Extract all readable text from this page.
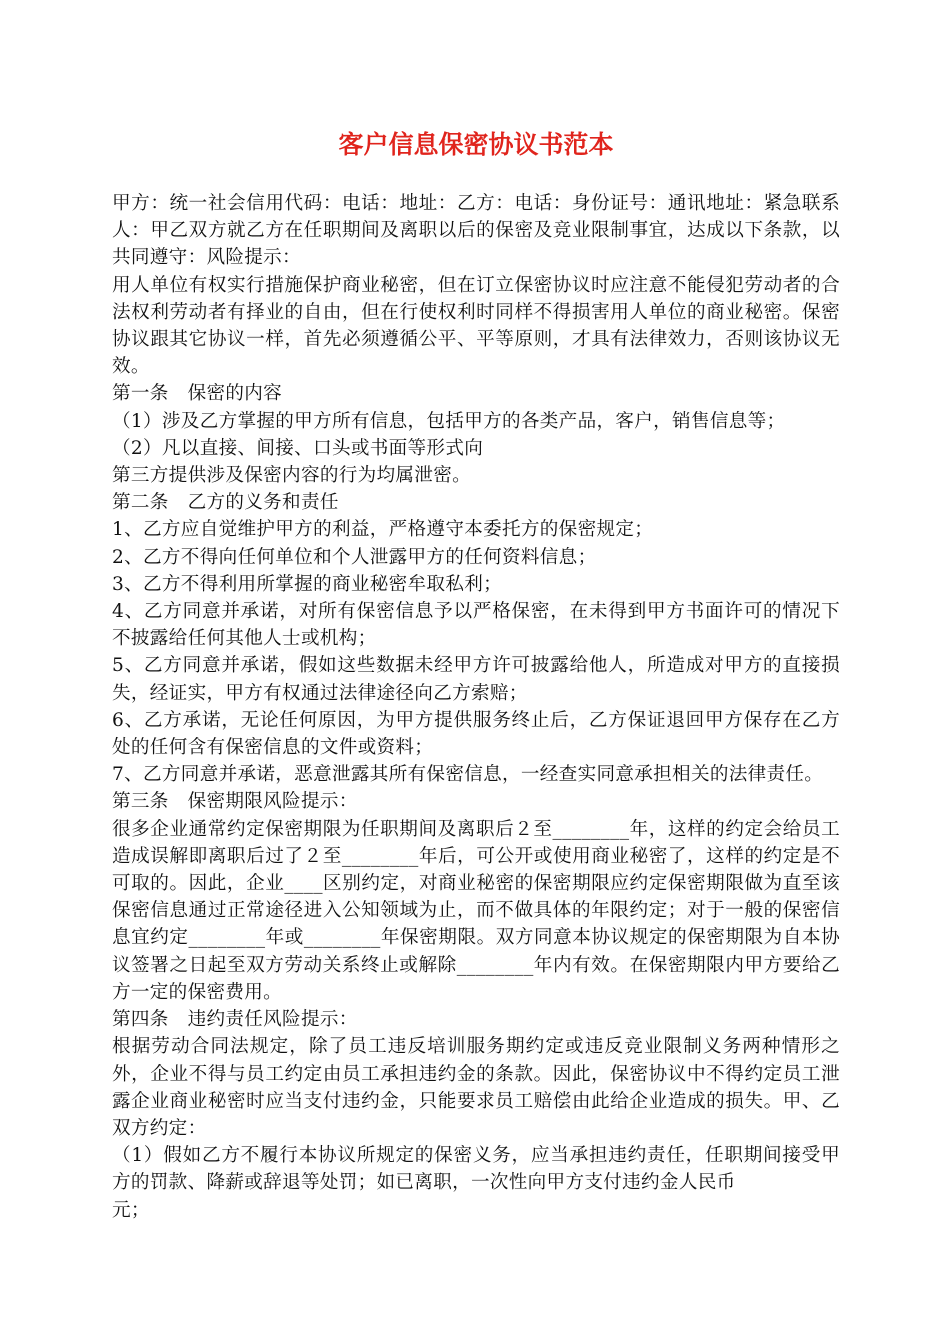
客户信息保密协议书范本

甲方：统一社会信用代码：电话：地址：乙方：电话：身份证号：通讯地址：紧急联系人：甲乙双方就乙方在任职期间及离职以后的保密及竞业限制事宜，达成以下条款，以共同遵守：风险提示：

用人单位有权实行措施保护商业秘密，但在订立保密协议时应注意不能侵犯劳动者的合法权利劳动者有择业的自由，但在行使权利时同样不得损害用人单位的商业秘密。保密协议跟其它协议一样，首先必须遵循公平、平等原则，才具有法律效力，否则该协议无效。

第一条　保密的内容

（1）涉及乙方掌握的甲方所有信息，包括甲方的各类产品，客户，销售信息等；

（2）凡以直接、间接、口头或书面等形式向

第三方提供涉及保密内容的行为均属泄密。

第二条　乙方的义务和责任

1、乙方应自觉维护甲方的利益，严格遵守本委托方的保密规定；

2、乙方不得向任何单位和个人泄露甲方的任何资料信息；

3、乙方不得利用所掌握的商业秘密牟取私利；

4、乙方同意并承诺，对所有保密信息予以严格保密，在未得到甲方书面许可的情况下不披露给任何其他人士或机构；

5、乙方同意并承诺，假如这些数据未经甲方许可披露给他人，所造成对甲方的直接损失，经证实，甲方有权通过法律途径向乙方索赔；

6、乙方承诺，无论任何原因，为甲方提供服务终止后，乙方保证退回甲方保存在乙方处的任何含有保密信息的文件或资料；

7、乙方同意并承诺，恶意泄露其所有保密信息，一经查实同意承担相关的法律责任。

第三条　保密期限风险提示：

很多企业通常约定保密期限为任职期间及离职后２至________年，这样的约定会给员工造成误解即离职后过了２至________年后，可公开或使用商业秘密了，这样的约定是不可取的。因此，企业____区别约定，对商业秘密的保密期限应约定保密期限做为直至该保密信息通过正常途径进入公知领域为止，而不做具体的年限约定；对于一般的保密信息宜约定________年或________年保密期限。双方同意本协议规定的保密期限为自本协议签署之日起至双方劳动关系终止或解除________年内有效。在保密期限内甲方要给乙方一定的保密费用。

第四条　违约责任风险提示：

根据劳动合同法规定，除了员工违反培训服务期约定或违反竞业限制义务两种情形之外，企业不得与员工约定由员工承担违约金的条款。因此，保密协议中不得约定员工泄露企业商业秘密时应当支付违约金，只能要求员工赔偿由此给企业造成的损失。甲、乙双方约定：

（1）假如乙方不履行本协议所规定的保密义务，应当承担违约责任，任职期间接受甲方的罚款、降薪或辞退等处罚；如已离职，一次性向甲方支付违约金人民币

元；
